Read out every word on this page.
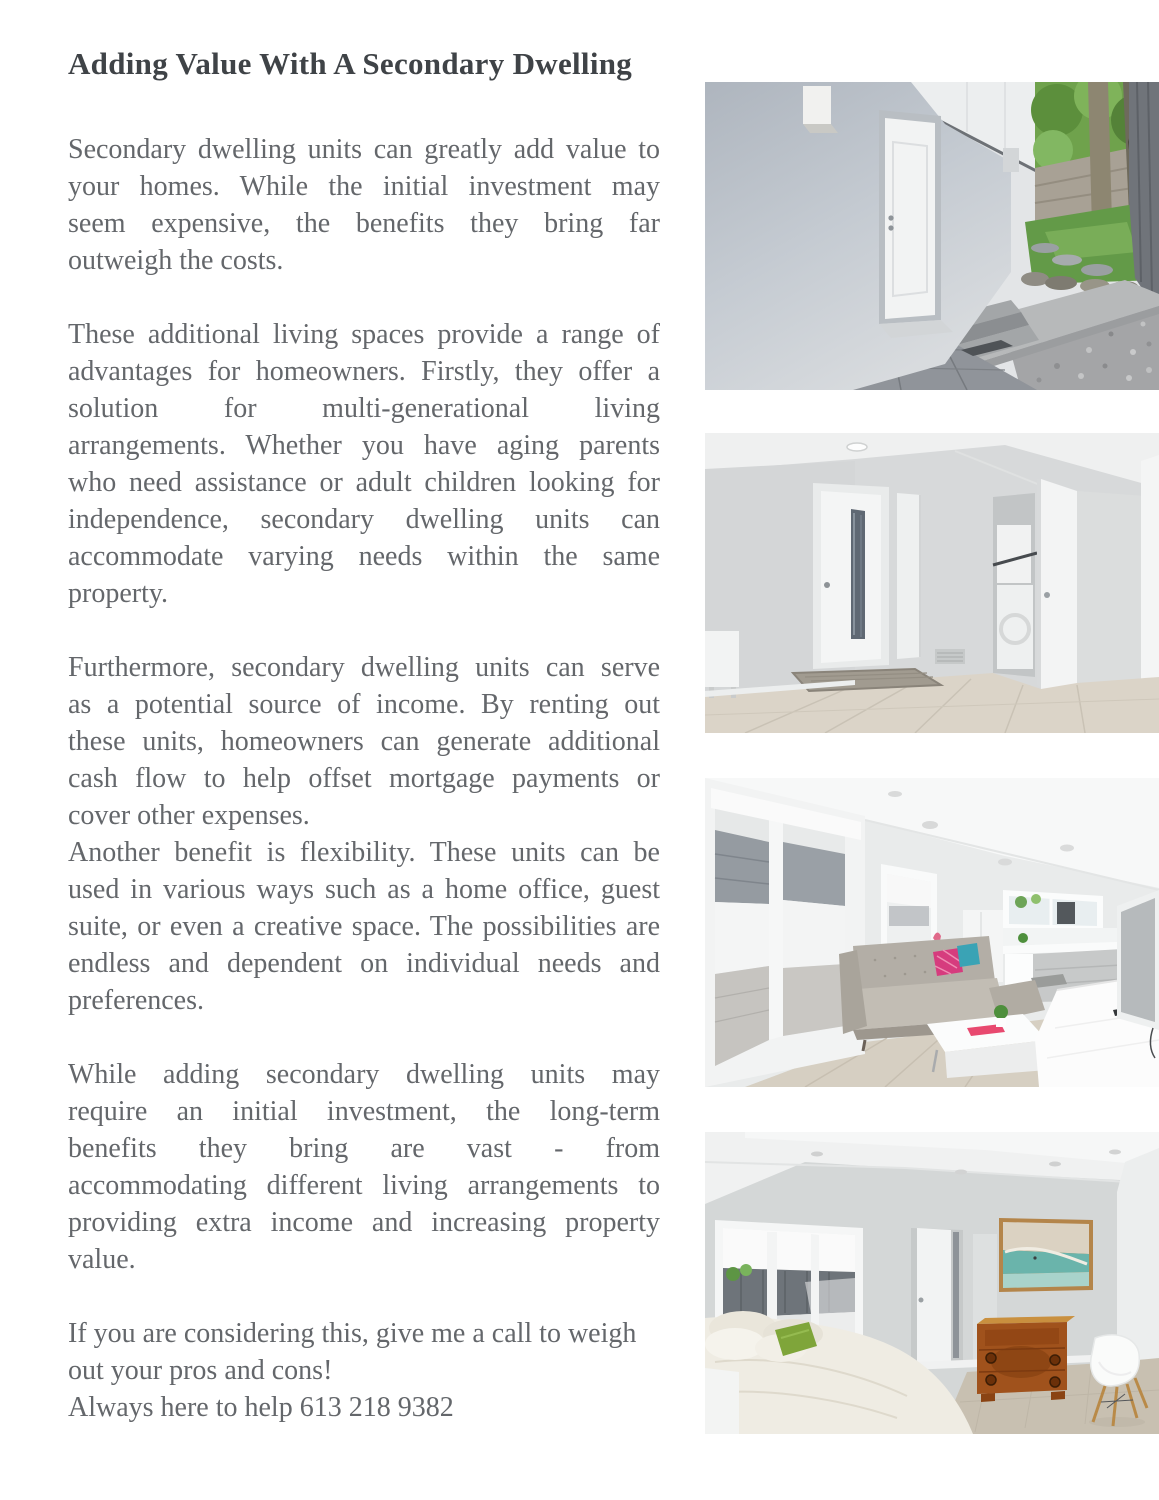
Adding Value With A Secondary Dwelling
Secondary dwelling units can greatly add value to
your homes. While the initial investment may
seem expensive, the benefits they bring far
outweigh the costs.
These additional living spaces provide a range of
advantages for homeowners. Firstly, they offer a
solution for multi-generational living
arrangements. Whether you have aging parents
who need assistance or adult children looking for
independence, secondary dwelling units can
accommodate varying needs within the same
property.
Furthermore, secondary dwelling units can serve
as a potential source of income. By renting out
these units, homeowners can generate additional
cash flow to help offset mortgage payments or
cover other expenses.
Another benefit is flexibility. These units can be
used in various ways such as a home office, guest
suite, or even a creative space. The possibilities are
endless and dependent on individual needs and
preferences.
While adding secondary dwelling units may
require an initial investment, the long-term
benefits they bring are vast - from
accommodating different living arrangements to
providing extra income and increasing property
value.
If you are considering this, give me a call to weigh
out your pros and cons!
Always here to help 613 218 9382
